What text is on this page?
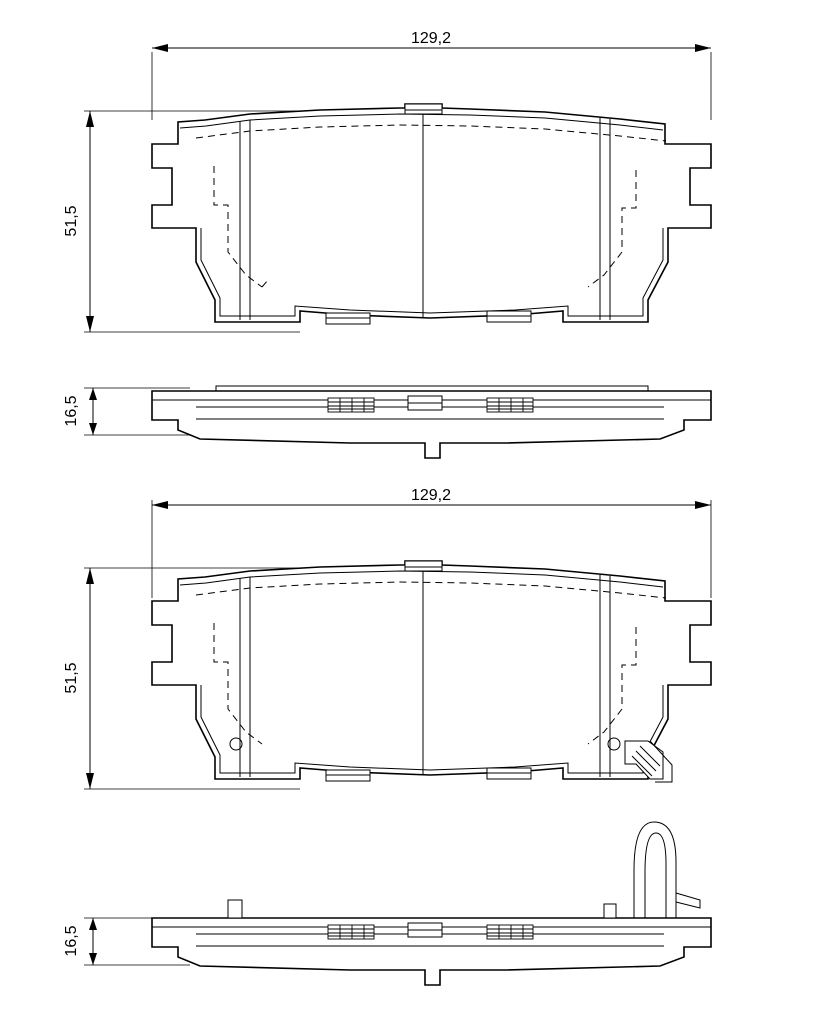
129,2
51,5
16,5
129,2
51,5
16,5
